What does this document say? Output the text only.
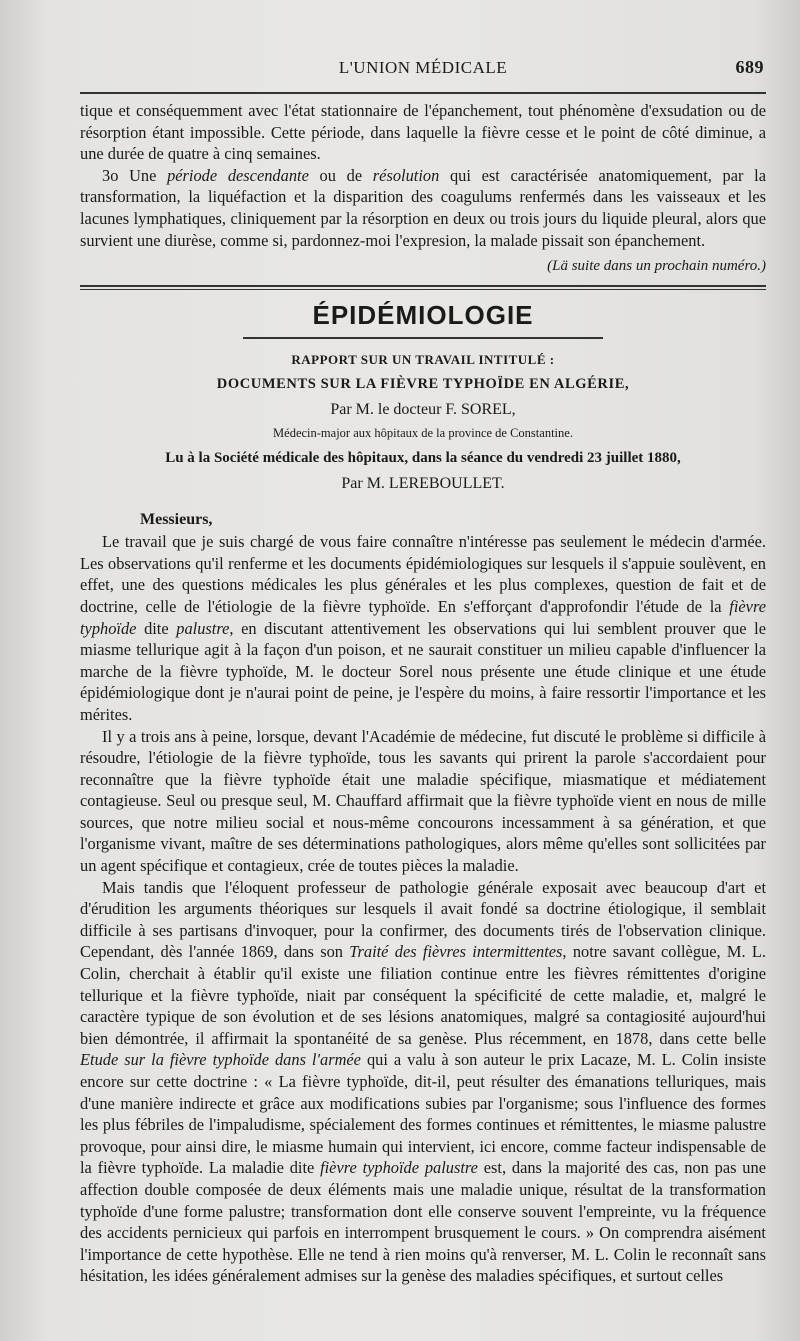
L'UNION MÉDICALE	689

tique et conséquemment avec l'état stationnaire de l'épanchement, tout phénomène d'exsudation ou de résorption étant impossible. Cette période, dans laquelle la fièvre cesse et le point de côté diminue, a une durée de quatre à cinq semaines.

3o Une période descendante ou de résolution qui est caractérisée anatomiquement, par la transformation, la liquéfaction et la disparition des coagulums renfermés dans les vaisseaux et les lacunes lymphatiques, cliniquement par la résorption en deux ou trois jours du liquide pleural, alors que survient une diurèse, comme si, pardonnez-moi l'expresion, la malade pissait son épanchement.

(Lä suite dans un prochain numéro.)

ÉPIDÉMIOLOGIE
RAPPORT SUR UN TRAVAIL INTITULÉ :
DOCUMENTS SUR LA FIÈVRE TYPHOÏDE EN ALGÉRIE,
Par M. le docteur F. SOREL,
Médecin-major aux hôpitaux de la province de Constantine.
Lu à la Société médicale des hôpitaux, dans la séance du vendredi 23 juillet 1880,
Par M. LEREBOULLET.
Messieurs,

Le travail que je suis chargé de vous faire connaître n'intéresse pas seulement le médecin d'armée. Les observations qu'il renferme et les documents épidémiologiques sur lesquels il s'appuie soulèvent, en effet, une des questions médicales les plus générales et les plus complexes, question de fait et de doctrine, celle de l'étiologie de la fièvre typhoïde. En s'efforçant d'approfondir l'étude de la fièvre typhoïde dite palustre, en discutant attentivement les observations qui lui semblent prouver que le miasme tellurique agit à la façon d'un poison, et ne saurait constituer un milieu capable d'influencer la marche de la fièvre typhoïde, M. le docteur Sorel nous présente une étude clinique et une étude épidémiologique dont je n'aurai point de peine, je l'espère du moins, à faire ressortir l'importance et les mérites.

Il y a trois ans à peine, lorsque, devant l'Académie de médecine, fut discuté le problème si difficile à résoudre, l'étiologie de la fièvre typhoïde, tous les savants qui prirent la parole s'accordaient pour reconnaître que la fièvre typhoïde était une maladie spécifique, miasmatique et médiatement contagieuse. Seul ou presque seul, M. Chauffard affirmait que la fièvre typhoïde vient en nous de mille sources, que notre milieu social et nous-même concourons incessamment à sa génération, et que l'organisme vivant, maître de ses déterminations pathologiques, alors même qu'elles sont sollicitées par un agent spécifique et contagieux, crée de toutes pièces la maladie.

Mais tandis que l'éloquent professeur de pathologie générale exposait avec beaucoup d'art et d'érudition les arguments théoriques sur lesquels il avait fondé sa doctrine étiologique, il semblait difficile à ses partisans d'invoquer, pour la confirmer, des documents tirés de l'observation clinique. Cependant, dès l'année 1869, dans son Traité des fièvres intermittentes, notre savant collègue, M. L. Colin, cherchait à établir qu'il existe une filiation continue entre les fièvres rémittentes d'origine tellurique et la fièvre typhoïde, niait par conséquent la spécificité de cette maladie, et, malgré le caractère typique de son évolution et de ses lésions anatomiques, malgré sa contagiosité aujourd'hui bien démontrée, il affirmait la spontanéité de sa genèse. Plus récemment, en 1878, dans cette belle Etude sur la fièvre typhoïde dans l'armée qui a valu à son auteur le prix Lacaze, M. L. Colin insiste encore sur cette doctrine : « La fièvre typhoïde, dit-il, peut résulter des émanations telluriques, mais d'une manière indirecte et grâce aux modifications subies par l'organisme; sous l'influence des formes les plus fébriles de l'impaludisme, spécialement des formes continues et rémittentes, le miasme palustre provoque, pour ainsi dire, le miasme humain qui intervient, ici encore, comme facteur indispensable de la fièvre typhoïde. La maladie dite fièvre typhoïde palustre est, dans la majorité des cas, non pas une affection double composée de deux éléments mais une maladie unique, résultat de la transformation typhoïde d'une forme palustre; transformation dont elle conserve souvent l'empreinte, vu la fréquence des accidents pernicieux qui parfois en interrompent brusquement le cours. » On comprendra aisément l'importance de cette hypothèse. Elle ne tend à rien moins qu'à renverser, M. L. Colin le reconnaît sans hésitation, les idées généralement admises sur la genèse des maladies spécifiques, et surtout celles
